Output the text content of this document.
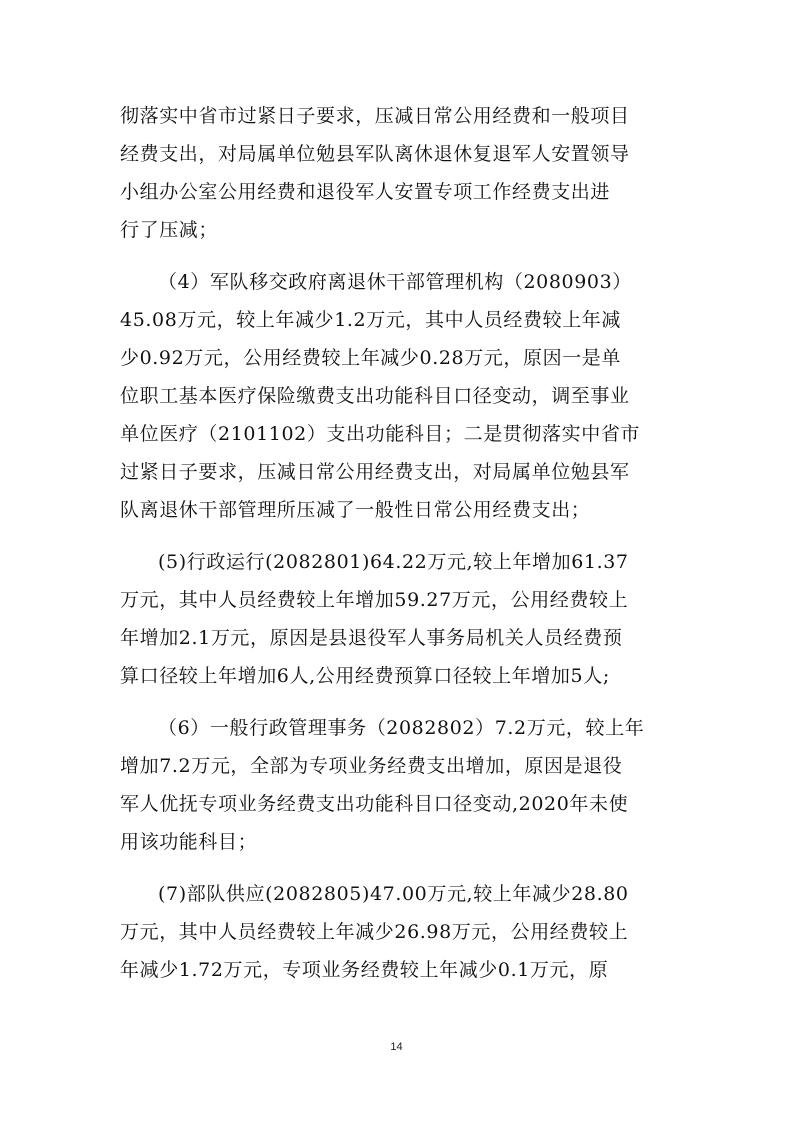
彻落实中省市过紧日子要求，压减日常公用经费和一般项目
经费支出，对局属单位勉县军队离休退休复退军人安置领导
小组办公室公用经费和退役军人安置专项工作经费支出进
行了压减；
（4）军队移交政府离退休干部管理机构（2080903）
45.08万元，较上年减少1.2万元，其中人员经费较上年减
少0.92万元，公用经费较上年减少0.28万元，原因一是单
位职工基本医疗保险缴费支出功能科目口径变动，调至事业
单位医疗（2101102）支出功能科目；二是贯彻落实中省市
过紧日子要求，压减日常公用经费支出，对局属单位勉县军
队离退休干部管理所压减了一般性日常公用经费支出；
(5)行政运行(2082801)64.22万元,较上年增加61.37
万元，其中人员经费较上年增加59.27万元，公用经费较上
年增加2.1万元，原因是县退役军人事务局机关人员经费预
算口径较上年增加6人,公用经费预算口径较上年增加5人;
（6）一般行政管理事务（2082802）7.2万元，较上年
增加7.2万元，全部为专项业务经费支出增加，原因是退役
军人优抚专项业务经费支出功能科目口径变动,2020年未使
用该功能科目；
(7)部队供应(2082805)47.00万元,较上年减少28.80
万元，其中人员经费较上年减少26.98万元，公用经费较上
年减少1.72万元，专项业务经费较上年减少0.1万元，原
14
